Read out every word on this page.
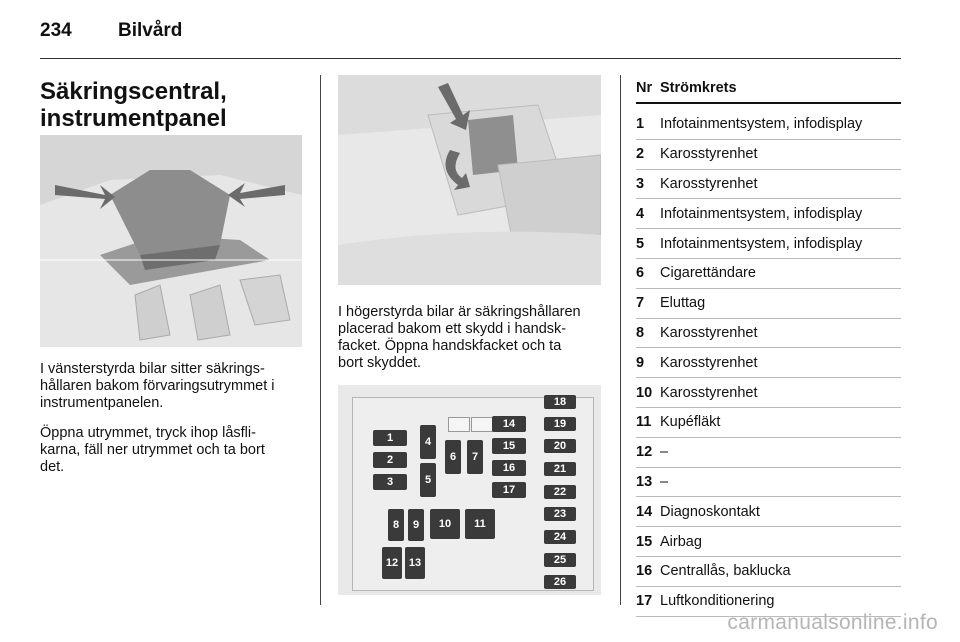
234 Bilvård
Säkringscentral,
instrumentpanel
I vänsterstyrda bilar sitter säkrings-
hållaren bakom förvaringsutrymmet i
instrumentpanelen.
Öppna utrymmet, tryck ihop låsfli-
karna, fäll ner utrymmet och ta bort
det.
I högerstyrda bilar är säkringshållaren
placerad bakom ett skydd i handsk-
facket. Öppna handskfacket och ta
bort skyddet.
1
2
3
4
5
6	7
14
15
16
17
8	9	10	11
12 13
18
19
20
21
22
23
24
25
26
Nr Strömkrets
1	Infotainmentsystem, infodisplay
2	Karosstyrenhet
3	Karosstyrenhet
4	Infotainmentsystem, infodisplay
5	Infotainmentsystem, infodisplay
6	Cigarettändare
7	Eluttag
8	Karosstyrenhet
9	Karosstyrenhet
10 Karosstyrenhet
11 Kupéfläkt
12 –
13 –
14 Diagnoskontakt
15 Airbag
16 Centrallås, baklucka
17 Luftkonditionering
carmanualsonline.info
